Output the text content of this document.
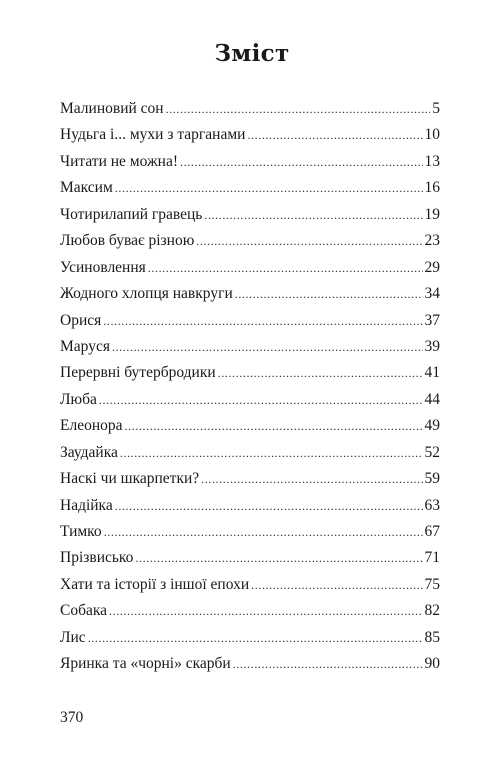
Зміст
Малиновий сон .....	5
Нудьга і... мухи з тарганами .....	10
Читати не можна! .....	13
Максим .....	16
Чотирилапий гравець .....	19
Любов буває різною .....	23
Усиновлення .....	29
Жодного хлопця навкруги .....	34
Орися .....	37
Маруся .....	39
Перервні бутербродики .....	41
Люба .....	44
Елеонора .....	49
Заудайка .....	52
Наскі чи шкарпетки? .....	59
Надійка .....	63
Тимко .....	67
Прізвисько .....	71
Хати та історії з іншої епохи .....	75
Собака .....	82
Лис .....	85
Яринка та «чорні» скарби .....	90
370
